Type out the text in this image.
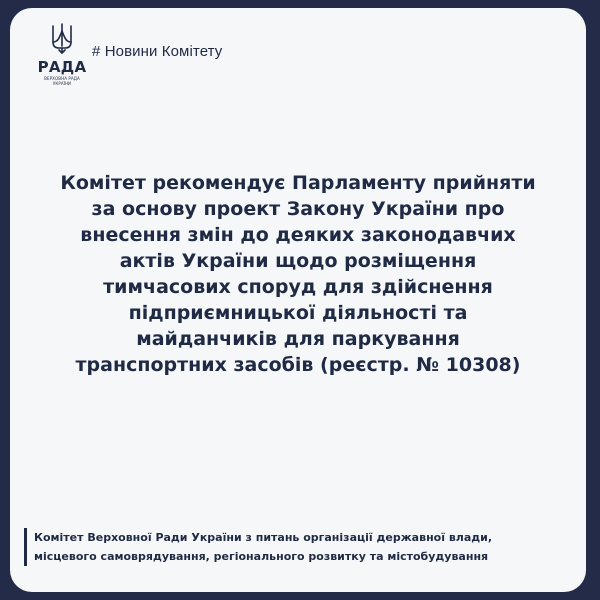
РАДА
ВЕРХОВНА РАДА УКРАЇНИ
# Новини Комітету
Комітет рекомендує Парламенту прийняти за основу проект Закону України про внесення змін до деяких законодавчих актів України щодо розміщення тимчасових споруд для здійснення підприємницької діяльності та майданчиків для паркування транспортних засобів (реєстр. № 10308)
Комітет Верховної Ради України з питань організації державної влади,
місцевого самоврядування, регіонального розвитку та містобудування
